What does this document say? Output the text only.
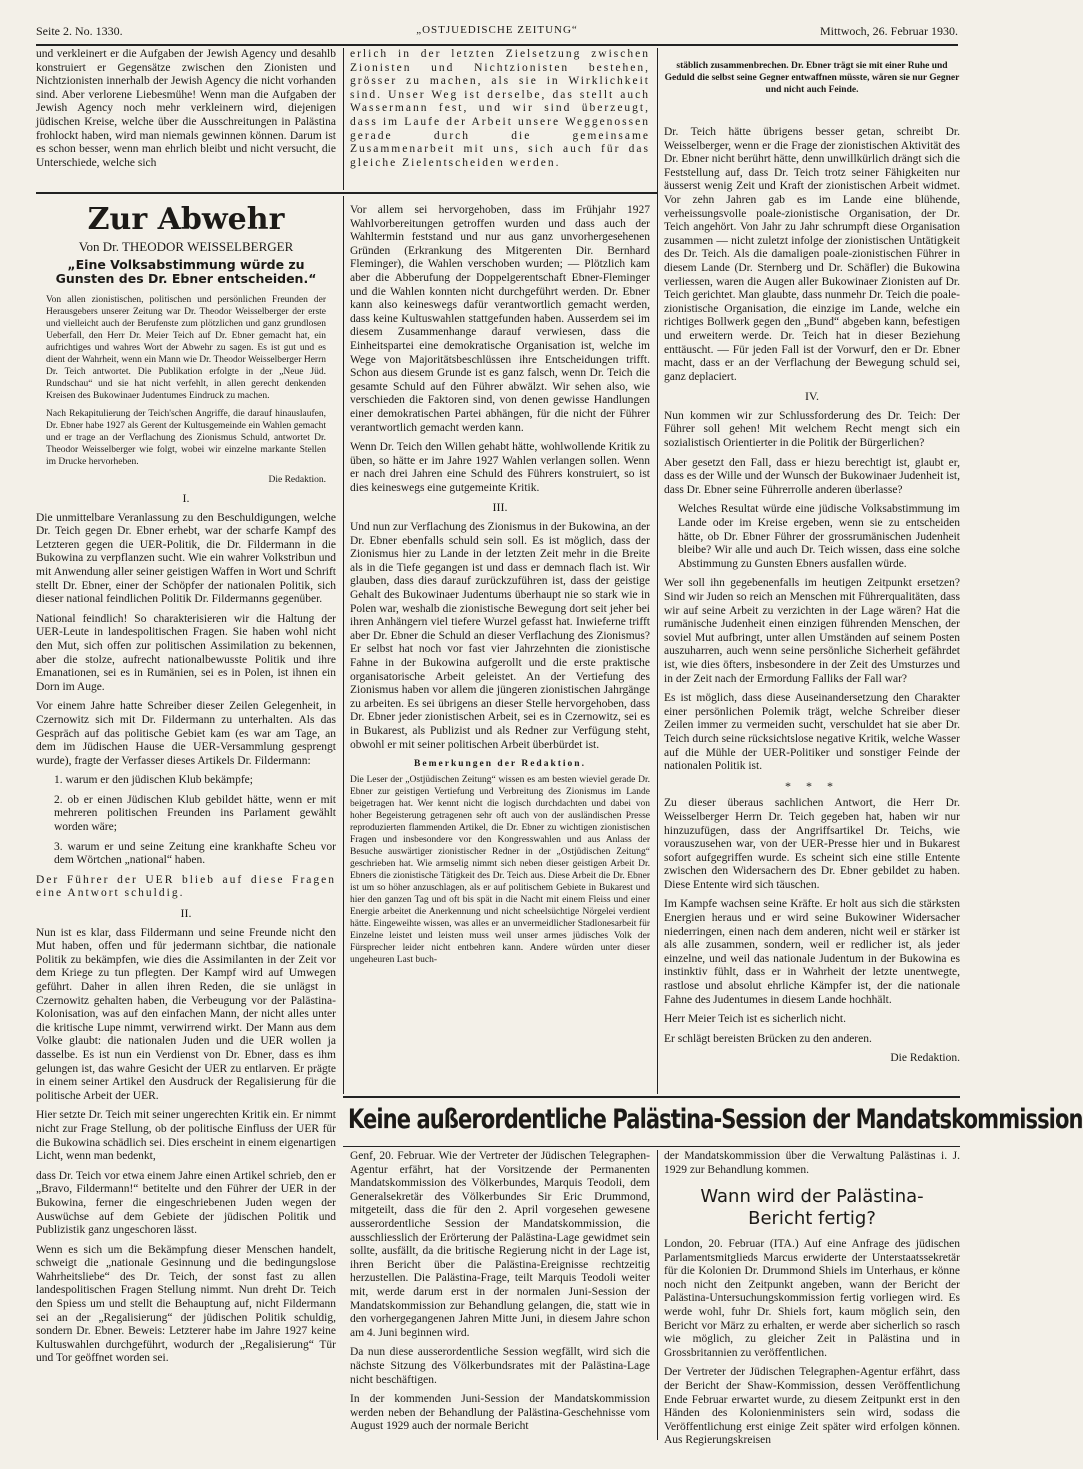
Seite 2. No. 1330.	„OSTJUEDISCHE ZEITUNG“	Mittwoch, 26. Februar 1930.

und verkleinert er die Aufgaben der Jewish Agency und desahlb konstruiert er Gegensätze zwischen den Zionisten und Nichtzionisten innerhalb der Jewish Agency die nicht vorhanden sind. Aber verlorene Liebesmühe! Wenn man die Aufgaben der Jewish Agency noch mehr verkleinern wird, diejenigen jüdischen Kreise, welche über die Ausschreitungen in Palästina frohlockt haben, wird man niemals gewinnen können. Darum ist es schon besser, wenn man ehrlich bleibt und nicht versucht, die Unterschiede, welche sich

erlich in der letzten Zielsetzung zwischen Zionisten und Nichtzionisten bestehen, grösser zu machen, als sie in Wirklichkeit sind. Unser Weg ist derselbe, das stellt auch Wassermann fest, und wir sind überzeugt, dass im Laufe der Arbeit unsere Weggenossen gerade durch die gemeinsame Zusammenarbeit mit uns, sich auch für das gleiche Zielentscheiden werden.

stäblich zusammenbrechen. Dr. Ebner trägt sie mit einer Ruhe und Geduld die selbst seine Gegner entwaffnen müsste, wären sie nur Gegner und nicht auch Feinde.

Zur Abwehr
Von Dr. THEODOR WEISSELBERGER
„Eine Volksabstimmung würde zu Gunsten des Dr. Ebner entscheiden.“

Von allen zionistischen, politischen und persönlichen Freunden der Herausgebers unserer Zeitung war Dr. Theodor Weisselberger der erste und vielleicht auch der Berufenste zum plötzlichen und ganz grundlosen Ueberfall, den Herr Dr. Meier Teich auf Dr. Ebner gemacht hat, ein aufrichtiges und wahres Wort der Abwehr zu sagen. Es ist gut und es dient der Wahrheit, wenn ein Mann wie Dr. Theodor Weisselberger Herrn Dr. Teich antwortet. Die Publikation erfolgte in der „Neue Jüd. Rundschau“ und sie hat nicht verfehlt, in allen gerecht denkenden Kreisen des Bukowinaer Judentumes Eindruck zu machen.

Nach Rekapitulierung der Teich'schen Angriffe, die darauf hinauslaufen, Dr. Ebner habe 1927 als Gerent der Kultusgemeinde ein Wahlen gemacht und er trage an der Verflachung des Zionismus Schuld, antwortet Dr. Theodor Weisselberger wie folgt, wobei wir einzelne markante Stellen im Drucke hervorheben.

Die Redaktion.

I.

Die unmittelbare Veranlassung zu den Beschuldigungen, welche Dr. Teich gegen Dr. Ebner erhebt, war der scharfe Kampf des Letzteren gegen die UER-Politik, die Dr. Fildermann in die Bukowina zu verpflanzen sucht. Wie ein wahrer Volkstribun und mit Anwendung aller seiner geistigen Waffen in Wort und Schrift stellt Dr. Ebner, einer der Schöpfer der nationalen Politik, sich dieser national feindlichen Politik Dr. Fildermanns gegenüber.

National feindlich! So charakterisieren wir die Haltung der UER-Leute in landespolitischen Fragen. Sie haben wohl nicht den Mut, sich offen zur politischen Assimilation zu bekennen, aber die stolze, aufrecht nationalbewusste Politik und ihre Emanationen, sei es in Rumänien, sei es in Polen, ist ihnen ein Dorn im Auge.

Vor einem Jahre hatte Schreiber dieser Zeilen Gelegenheit, in Czernowitz sich mit Dr. Fildermann zu unterhalten. Als das Gespräch auf das politische Gebiet kam (es war am Tage, an dem im Jüdischen Hause die UER-Versammlung gesprengt wurde), fragte der Verfasser dieses Artikels Dr. Fildermann:

1. warum er den jüdischen Klub bekämpfe;

2. ob er einen Jüdischen Klub gebildet hätte, wenn er mit mehreren politischen Freunden ins Parlament gewählt worden wäre;

3. warum er und seine Zeitung eine krankhafte Scheu vor dem Wörtchen „national“ haben.

Der Führer der UER blieb auf diese Fragen eine Antwort schuldig.

II.

Nun ist es klar, dass Fildermann und seine Freunde nicht den Mut haben, offen und für jedermann sichtbar, die nationale Politik zu bekämpfen, wie dies die Assimilanten in der Zeit vor dem Kriege zu tun pflegten. Der Kampf wird auf Umwegen geführt. Daher in allen ihren Reden, die sie unlägst in Czernowitz gehalten haben, die Verbeugung vor der Palästina-Kolonisation, was auf den einfachen Mann, der nicht alles unter die kritische Lupe nimmt, verwirrend wirkt. Der Mann aus dem Volke glaubt: die nationalen Juden und die UER wollen ja dasselbe. Es ist nun ein Verdienst von Dr. Ebner, dass es ihm gelungen ist, das wahre Gesicht der UER zu entlarven. Er prägte in einem seiner Artikel den Ausdruck der Regalisierung für die politische Arbeit der UER.

Hier setzte Dr. Teich mit seiner ungerechten Kritik ein. Er nimmt nicht zur Frage Stellung, ob der politische Einfluss der UER für die Bukowina schädlich sei. Dies erscheint in einem eigenartigen Licht, wenn man bedenkt,

dass Dr. Teich vor etwa einem Jahre einen Artikel schrieb, den er „Bravo, Fildermann!“ betitelte und den Führer der UER in der Bukowina, ferner die eingeschriebenen Juden wegen der Auswüchse auf dem Gebiete der jüdischen Politik und Publizistik ganz ungeschoren lässt.

Wenn es sich um die Bekämpfung dieser Menschen handelt, schweigt die „nationale Gesinnung und die bedingungslose Wahrheitsliebe“ des Dr. Teich, der sonst fast zu allen landespolitischen Fragen Stellung nimmt. Nun dreht Dr. Teich den Spiess um und stellt die Behauptung auf, nicht Fildermann sei an der „Regalisierung“ der jüdischen Politik schuldig, sondern Dr. Ebner. Beweis: Letzterer habe im Jahre 1927 keine Kultuswahlen durchgeführt, wodurch der „Regalisierung“ Tür und Tor geöffnet worden sei.

Vor allem sei hervorgehoben, dass im Frühjahr 1927 Wahlvorbereitungen getroffen wurden und dass auch der Wahltermin feststand und nur aus ganz unvorhergesehenen Gründen (Erkrankung des Mitgerenten Dir. Bernhard Fleminger), die Wahlen verschoben wurden; — Plötzlich kam aber die Abberufung der Doppelgerentschaft Ebner-Fleminger und die Wahlen konnten nicht durchgeführt werden. Dr. Ebner kann also keineswegs dafür verantwortlich gemacht werden, dass keine Kultuswahlen stattgefunden haben. Ausserdem sei im diesem Zusammenhange darauf verwiesen, dass die Einheitspartei eine demokratische Organisation ist, welche im Wege von Majoritätsbeschlüssen ihre Entscheidungen trifft. Schon aus diesem Grunde ist es ganz falsch, wenn Dr. Teich die gesamte Schuld auf den Führer abwälzt. Wir sehen also, wie verschieden die Faktoren sind, von denen gewisse Handlungen einer demokratischen Partei abhängen, für die nicht der Führer verantwortlich gemacht werden kann.

Wenn Dr. Teich den Willen gehabt hätte, wohlwollende Kritik zu üben, so hätte er im Jahre 1927 Wahlen verlangen sollen. Wenn er nach drei Jahren eine Schuld des Führers konstruiert, so ist dies keineswegs eine gutgemeinte Kritik.

III.

Und nun zur Verflachung des Zionismus in der Bukowina, an der Dr. Ebner ebenfalls schuld sein soll. Es ist möglich, dass der Zionismus hier zu Lande in der letzten Zeit mehr in die Breite als in die Tiefe gegangen ist und dass er demnach flach ist. Wir glauben, dass dies darauf zurückzuführen ist, dass der geistige Gehalt des Bukowinaer Judentums überhaupt nie so stark wie in Polen war, weshalb die zionistische Bewegung dort seit jeher bei ihren Anhängern viel tiefere Wurzel gefasst hat. Inwieferne trifft aber Dr. Ebner die Schuld an dieser Verflachung des Zionismus? Er selbst hat noch vor fast vier Jahrzehnten die zionistische Fahne in der Bukowina aufgerollt und die erste praktische organisatorische Arbeit geleistet. An der Vertiefung des Zionismus haben vor allem die jüngeren zionistischen Jahrgänge zu arbeiten. Es sei übrigens an dieser Stelle hervorgehoben, dass Dr. Ebner jeder zionistischen Arbeit, sei es in Czernowitz, sei es in Bukarest, als Publizist und als Redner zur Verfügung steht, obwohl er mit seiner politischen Arbeit überbürdet ist.

Bemerkungen der Redaktion.

Die Leser der „Ostjüdischen Zeitung“ wissen es am besten wieviel gerade Dr. Ebner zur geistigen Vertiefung und Verbreitung des Zionismus im Lande beigetragen hat. Wer kennt nicht die logisch durchdachten und dabei von hoher Begeisterung getragenen sehr oft auch von der ausländischen Presse reproduzierten flammenden Artikel, die Dr. Ebner zu wichtigen zionistischen Fragen und insbesondere vor den Kongresswahlen und aus Anlass der Besuche auswärtiger zionistischer Redner in der „Ostjüdischen Zeitung“ geschrieben hat. Wie armselig nimmt sich neben dieser geistigen Arbeit Dr. Ebners die zionistische Tätigkeit des Dr. Teich aus. Diese Arbeit die Dr. Ebner ist um so höher anzuschlagen, als er auf politischem Gebiete in Bukarest und hier den ganzen Tag und oft bis spät in die Nacht mit einem Fleiss und einer Energie arbeitet die Anerkennung und nicht scheelsüchtige Nörgelei verdient hätte. Eingeweihte wissen, was alles er an unvermeidlicher Stadlonesarbeit für Einzelne leistet und leisten muss weil unser armes jüdisches Volk der Fürsprecher leider nicht entbehren kann. Andere würden unter dieser ungeheuren Last buch-

Dr. Teich hätte übrigens besser getan, schreibt Dr. Weisselberger, wenn er die Frage der zionistischen Aktivität des Dr. Ebner nicht berührt hätte, denn unwillkürlich drängt sich die Feststellung auf, dass Dr. Teich trotz seiner Fähigkeiten nur äusserst wenig Zeit und Kraft der zionistischen Arbeit widmet. Vor zehn Jahren gab es im Lande eine blühende, verheissungsvolle poale-zionistische Organisation, der Dr. Teich angehört. Von Jahr zu Jahr schrumpft diese Organisation zusammen — nicht zuletzt infolge der zionistischen Untätigkeit des Dr. Teich. Als die damaligen poale-zionistischen Führer in diesem Lande (Dr. Sternberg und Dr. Schäfler) die Bukowina verliessen, waren die Augen aller Bukowinaer Zionisten auf Dr. Teich gerichtet. Man glaubte, dass nunmehr Dr. Teich die poale-zionistische Organisation, die einzige im Lande, welche ein richtiges Bollwerk gegen den „Bund“ abgeben kann, befestigen und erweitern werde. Dr. Teich hat in dieser Beziehung enttäuscht. — Für jeden Fall ist der Vorwurf, den er Dr. Ebner macht, dass er an der Verflachung der Bewegung schuld sei, ganz deplaciert.

IV.

Nun kommen wir zur Schlussforderung des Dr. Teich: Der Führer soll gehen! Mit welchem Recht mengt sich ein sozialistisch Orientierter in die Politik der Bürgerlichen?

Aber gesetzt den Fall, dass er hiezu berechtigt ist, glaubt er, dass es der Wille und der Wunsch der Bukowinaer Judenheit ist, dass Dr. Ebner seine Führerrolle anderen überlasse?

Welches Resultat würde eine jüdische Volksabstimmung im Lande oder im Kreise ergeben, wenn sie zu entscheiden hätte, ob Dr. Ebner Führer der grossrumänischen Judenheit bleibe? Wir alle und auch Dr. Teich wissen, dass eine solche Abstimmung zu Gunsten Ebners ausfallen würde.

Wer soll ihn gegebenenfalls im heutigen Zeitpunkt ersetzen? Sind wir Juden so reich an Menschen mit Führerqualitäten, dass wir auf seine Arbeit zu verzichten in der Lage wären? Hat die rumänische Judenheit einen einzigen führenden Menschen, der soviel Mut aufbringt, unter allen Umständen auf seinem Posten auszuharren, auch wenn seine persönliche Sicherheit gefährdet ist, wie dies öfters, insbesondere in der Zeit des Umsturzes und in der Zeit nach der Ermordung Falliks der Fall war?

Es ist möglich, dass diese Auseinandersetzung den Charakter einer persönlichen Polemik trägt, welche Schreiber dieser Zeilen immer zu vermeiden sucht, verschuldet hat sie aber Dr. Teich durch seine rücksichtslose negative Kritik, welche Wasser auf die Mühle der UER-Politiker und sonstiger Feinde der nationalen Politik ist.

* * *

Zu dieser überaus sachlichen Antwort, die Herr Dr. Weisselberger Herrn Dr. Teich gegeben hat, haben wir nur hinzuzufügen, dass der Angriffsartikel Dr. Teichs, wie vorauszusehen war, von der UER-Presse hier und in Bukarest sofort aufgegriffen wurde. Es scheint sich eine stille Entente zwischen den Widersachern des Dr. Ebner gebildet zu haben. Diese Entente wird sich täuschen.

Im Kampfe wachsen seine Kräfte. Er holt aus sich die stärksten Energien heraus und er wird seine Bukowiner Widersacher niederringen, einen nach dem anderen, nicht weil er stärker ist als alle zusammen, sondern, weil er redlicher ist, als jeder einzelne, und weil das nationale Judentum in der Bukowina es instinktiv fühlt, dass er in Wahrheit der letzte unentwegte, rastlose und absolut ehrliche Kämpfer ist, der die nationale Fahne des Judentumes in diesem Lande hochhält.

Herr Meier Teich ist es sicherlich nicht.

Er schlägt bereisten Brücken zu den anderen.

Die Redaktion.

Keine außerordentliche Palästina-Session der Mandatskommission

Genf, 20. Februar. Wie der Vertreter der Jüdischen Telegraphen-Agentur erfährt, hat der Vorsitzende der Permanenten Mandatskommission des Völkerbundes, Marquis Teodoli, dem Generalsekretär des Völkerbundes Sir Eric Drummond, mitgeteilt, dass die für den 2. April vorgesehen gewesene ausserordentliche Session der Mandatskommission, die ausschliesslich der Erörterung der Palästina-Lage gewidmet sein sollte, ausfällt, da die britische Regierung nicht in der Lage ist, ihren Bericht über die Palästina-Ereignisse rechtzeitig herzustellen. Die Palästina-Frage, teilt Marquis Teodoli weiter mit, werde darum erst in der normalen Juni-Session der Mandatskommission zur Behandlung gelangen, die, statt wie in den vorhergegangenen Jahren Mitte Juni, in diesem Jahre schon am 4. Juni beginnen wird.

Da nun diese ausserordentliche Session wegfällt, wird sich die nächste Sitzung des Völkerbundsrates mit der Palästina-Lage nicht beschäftigen.

In der kommenden Juni-Session der Mandatskommission werden neben der Behandlung der Palästina-Geschehnisse vom August 1929 auch der normale Bericht

der Mandatskommission über die Verwaltung Palästinas i. J. 1929 zur Behandlung kommen.

Wann wird der Palästina-Bericht fertig?

London, 20. Februar (ITA.) Auf eine Anfrage des jüdischen Parlamentsmitglieds Marcus erwiderte der Unterstaatssekretär für die Kolonien Dr. Drummond Shiels im Unterhaus, er könne noch nicht den Zeitpunkt angeben, wann der Bericht der Palästina-Untersuchungskommission fertig vorliegen wird. Es werde wohl, fuhr Dr. Shiels fort, kaum möglich sein, den Bericht vor März zu erhalten, er werde aber sicherlich so rasch wie möglich, zu gleicher Zeit in Palästina und in Grossbritannien zu veröffentlichen.

Der Vertreter der Jüdischen Telegraphen-Agentur erfährt, dass der Bericht der Shaw-Kommission, dessen Veröffentlichung Ende Februar erwartet wurde, zu diesem Zeitpunkt erst in den Händen des Kolonienministers sein wird, sodass die Veröffentlichung erst einige Zeit später wird erfolgen können. Aus Regierungskreisen
